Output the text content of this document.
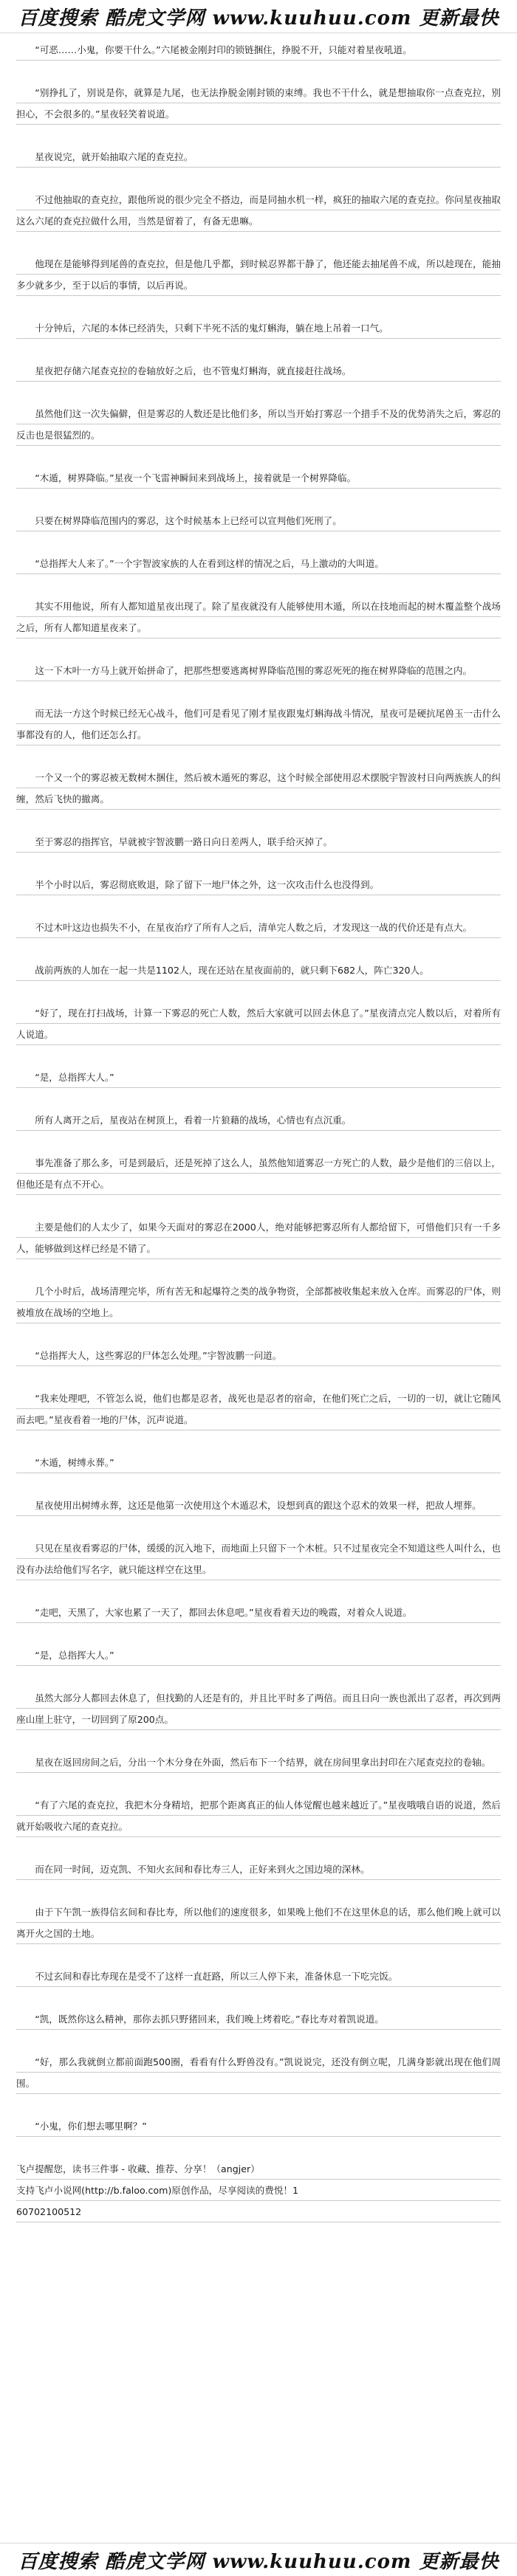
百度搜索 酷虎文学网 www.kuuhuu.com 更新最快

“可恶……小鬼，你要干什么。”六尾被金刚封印的锁链捆住，挣脱不开，只能对着星夜吼道。

“别挣扎了，别说是你，就算是九尾，也无法挣脱金刚封锁的束缚。我也不干什么，就是想抽取你一点查克拉，别担心，不会很多的。”星夜轻笑着说道。

星夜说完，就开始抽取六尾的查克拉。

不过他抽取的查克拉，跟他所说的很少完全不搭边，而是同抽水机一样，疯狂的抽取六尾的查克拉。你问星夜抽取这么六尾的查克拉做什么用，当然是留着了，有备无患嘛。

他现在是能够得到尾兽的查克拉，但是他几乎都，到时候忍界都干静了，他还能去抽尾兽不成，所以趁现在，能抽多少就多少，至于以后的事情，以后再说。

十分钟后，六尾的本体已经消失，只剩下半死不活的鬼灯蝌海，躺在地上吊着一口气。

星夜把存储六尾查克拉的卷轴放好之后，也不管鬼灯蝌海，就直接赶往战场。

虽然他们这一次失偏僻，但是雾忍的人数还是比他们多，所以当开始打雾忍一个措手不及的优势消失之后，雾忍的反击也是很猛烈的。

“木遁，树界降临。”星夜一个飞雷神瞬间来到战场上，接着就是一个树界降临。

只要在树界降临范围内的雾忍，这个时候基本上已经可以宣判他们死刑了。

“总指挥大人来了。”一个宇智波家族的人在看到这样的情况之后，马上激动的大叫道。

其实不用他说，所有人都知道星夜出现了。除了星夜就没有人能够使用木遁，所以在技地而起的树木覆盖整个战场之后，所有人都知道星夜来了。

这一下木叶一方马上就开始拼命了，把那些想要逃离树界降临范围的雾忍死死的拖在树界降临的范围之内。

而无法一方这个时候已经无心战斗，他们可是看见了刚才星夜跟鬼灯蝌海战斗情况，星夜可是硬抗尾兽玉一击什么事都没有的人，他们还怎么打。

一个又一个的雾忍被无数树木捆住，然后被木遁死的雾忍，这个时候全部使用忍术摆脱宇智波村日向两族族人的纠缠，然后飞快的撤离。

至于雾忍的指挥官，早就被宇智波鹏一路日向日差两人，联手给灭掉了。

半个小时以后，雾忍彻底败退，除了留下一地尸体之外，这一次攻击什么也没得到。

不过木叶这边也损失不小，在星夜治疗了所有人之后，清单完人数之后，才发现这一战的代价还是有点大。

战前两族的人加在一起一共是1102人，现在还站在星夜面前的，就只剩下682人，阵亡320人。

“好了，现在打扫战场，计算一下雾忍的死亡人数，然后大家就可以回去休息了。”星夜清点完人数以后，对着所有人说道。

“是，总指挥大人。”

所有人离开之后，星夜站在树顶上，看着一片狼藉的战场，心情也有点沉重。

事先准备了那么多，可是到最后，还是死掉了这么人，虽然他知道雾忍一方死亡的人数，最少是他们的三倍以上，但他还是有点不开心。

主要是他们的人太少了，如果今天面对的雾忍在2000人，绝对能够把雾忍所有人都给留下，可惜他们只有一千多人，能够做到这样已经是不错了。

几个小时后，战场清理完毕，所有苦无和起爆符之类的战争物资，全部都被收集起来放入仓库。而雾忍的尸体，则被堆放在战场的空地上。

“总指挥大人，这些雾忍的尸体怎么处理。”宇智波鹏一问道。

“我来处理吧，不管怎么说，他们也都是忍者，战死也是忍者的宿命，在他们死亡之后，一切的一切，就让它随风而去吧。”星夜看着一地的尸体，沉声说道。

“木遁，树缚永葬。”

星夜使用出树缚永葬，这还是他第一次使用这个木遁忍术，设想到真的跟这个忍术的效果一样，把敌人埋葬。

只见在星夜看雾忍的尸体，缓缓的沉入地下，而地面上只留下一个木桩。只不过星夜完全不知道这些人叫什么，也没有办法给他们写名字，就只能这样空在这里。

“走吧，天黑了，大家也累了一天了，都回去休息吧。”星夜看着天边的晚霞，对着众人说道。

“是，总指挥大人。”

虽然大部分人都回去休息了，但找勤的人还是有的，并且比平时多了两倍。而且日向一族也派出了忍者，再次到两座山崖上驻守，一切回到了原200点。

星夜在返回房间之后，分出一个木分身在外面，然后布下一个结界，就在房间里拿出封印在六尾查克拉的卷轴。

“有了六尾的查克拉，我把木分身精培，把那个距离真正的仙人体觉醒也越来越近了。”星夜哦哦自语的说道，然后就开始吸收六尾的查克拉。

而在同一时间，迈克凯、不知火玄间和春比寿三人，正好来到火之国边境的深林。

由于下午凯一族得信玄间和春比寿，所以他们的速度很多，如果晚上他们不在这里休息的话，那么他们晚上就可以离开火之国的土地。

不过玄间和春比寿现在是受不了这样一直赶路，所以三人停下来，准备休息一下吃完饭。

“凯，既然你这么精神，那你去抓只野猪回来，我们晚上烤着吃。”春比寿对着凯说道。

“好，那么我就倒立都前面跑500圈，看看有什么野兽没有。”凯说说完，还没有倒立呢，几满身影就出现在他们周围。

“小鬼，你们想去哪里啊？”

飞卢提醒您，读书三件事 - 收藏、推荐、分享！（angjer）
支持飞卢小说网(http://b.faloo.com)原创作品，尽享阅读的费悦！1
60702100512
百度搜索 酷虎文学网 www.kuuhuu.com 更新最快
